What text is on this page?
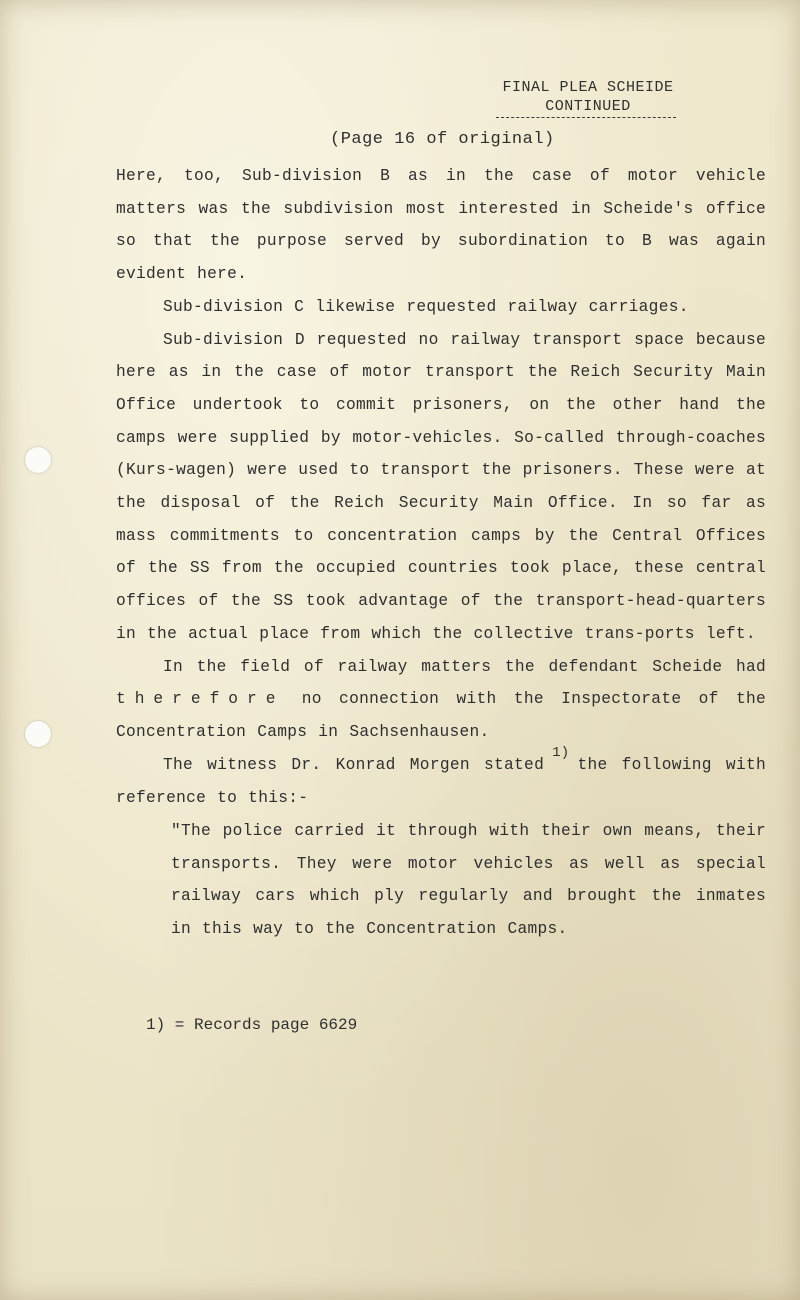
FINAL PLEA SCHEIDE
CONTINUED
(Page 16 of original)

Here, too, Sub-division B as in the case of motor vehicle matters was the subdivision most interested in Scheide's office so that the purpose served by subordination to B was again evident here.

Sub-division C likewise requested railway carriages.

Sub-division D requested no railway transport space because here as in the case of motor transport the Reich Security Main Office undertook to commit prisoners, on the other hand the camps were supplied by motor-vehicles. So-called through-coaches (Kurs-wagen) were used to transport the prisoners. These were at the disposal of the Reich Security Main Office. In so far as mass commitments to concentration camps by the Central Offices of the SS from the occupied countries took place, these central offices of the SS took advantage of the transport-head-quarters in the actual place from which the collective trans-ports left.

In the field of railway matters the defendant Scheide had therefore no connection with the Inspectorate of the Concentration Camps in Sachsenhausen.

The witness Dr. Konrad Morgen stated1)the following with reference to this:-

"The police carried it through with their own means, their transports. They were motor vehicles as well as special railway cars which ply regularly and brought the inmates in this way to the Concentration Camps.

1) = Records page 6629
